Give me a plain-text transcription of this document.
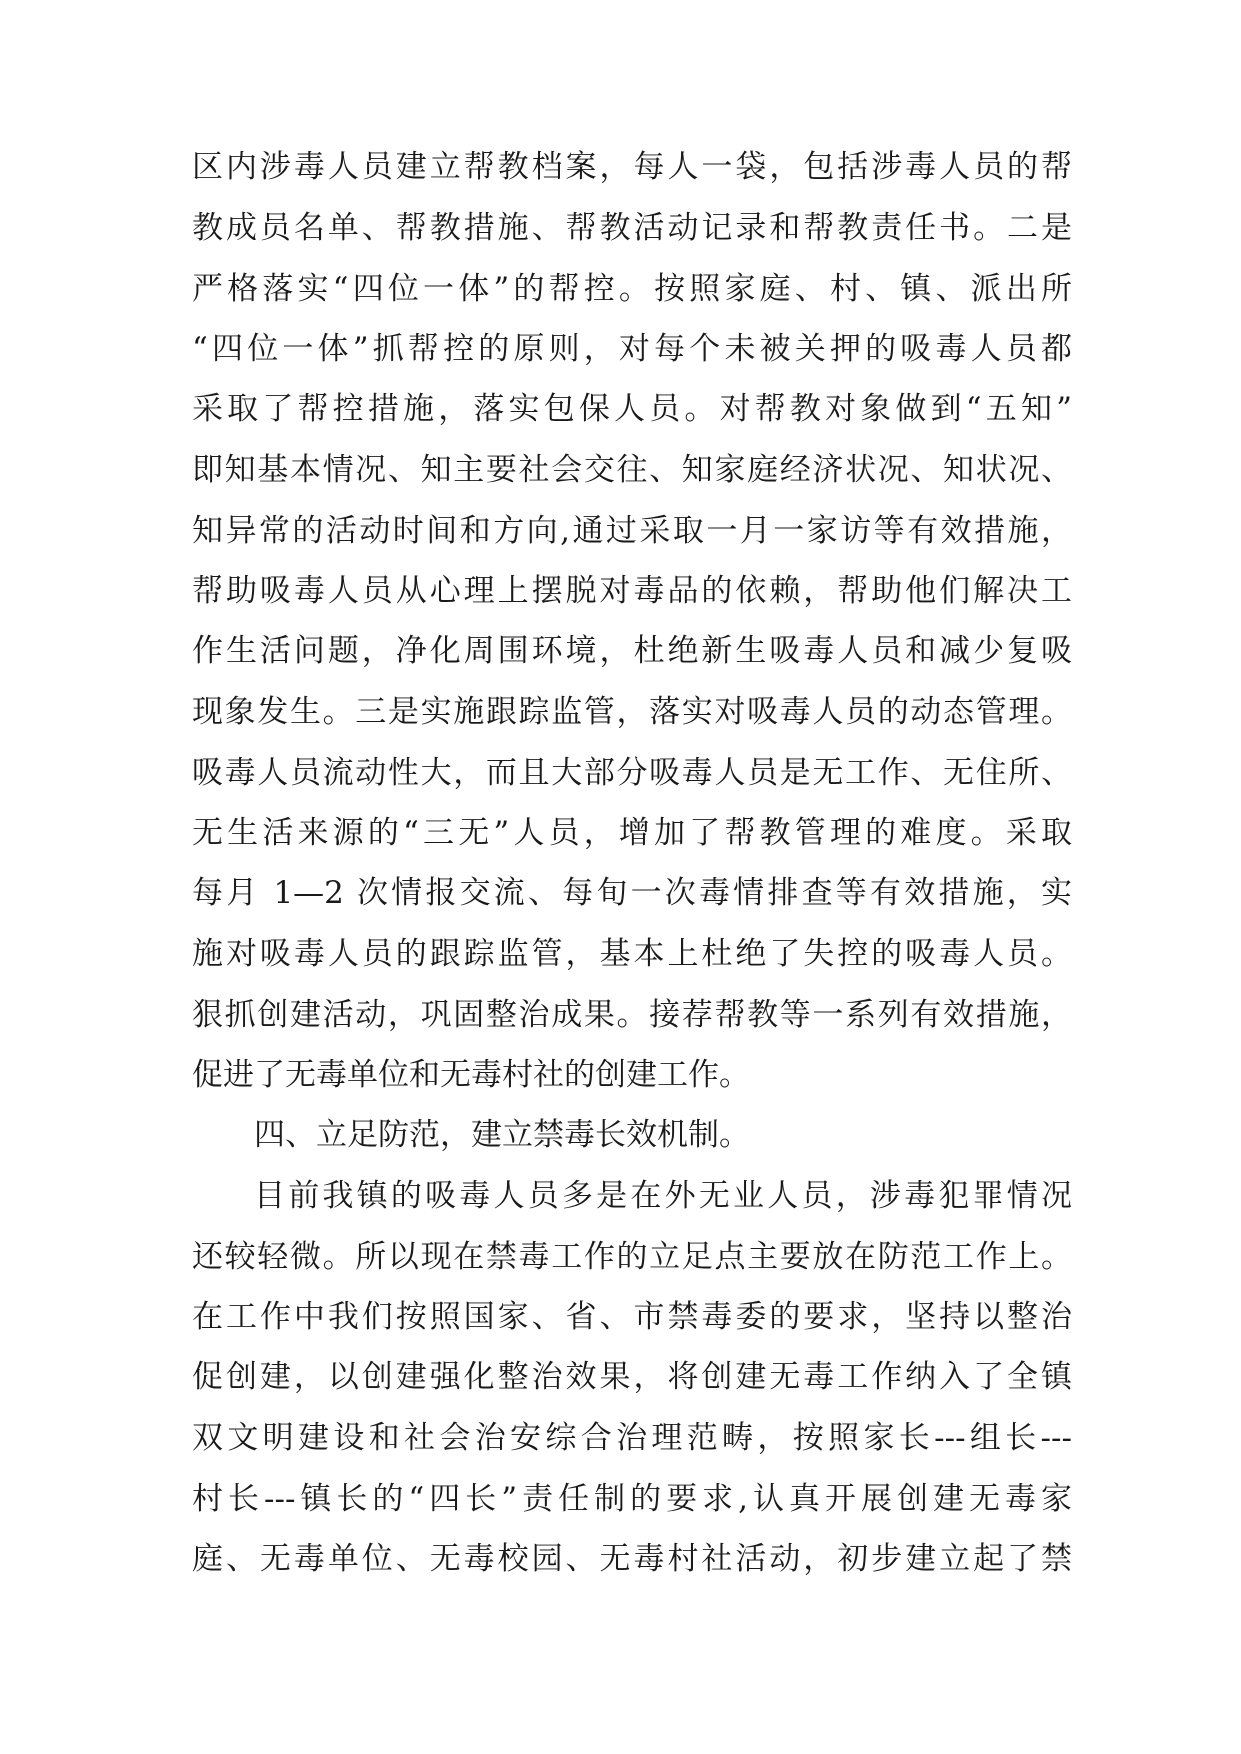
区内涉毒人员建立帮教档案，每人一袋，包括涉毒人员的帮
教成员名单、帮教措施、帮教活动记录和帮教责任书。二是
严格落实“四位一体”的帮控。按照家庭、村、镇、派出所
“四位一体”抓帮控的原则，对每个未被关押的吸毒人员都
采取了帮控措施，落实包保人员。对帮教对象做到“五知”
即知基本情况、知主要社会交往、知家庭经济状况、知状况、
知异常的活动时间和方向,通过采取一月一家访等有效措施，
帮助吸毒人员从心理上摆脱对毒品的依赖，帮助他们解决工
作生活问题，净化周围环境，杜绝新生吸毒人员和减少复吸
现象发生。三是实施跟踪监管，落实对吸毒人员的动态管理。
吸毒人员流动性大，而且大部分吸毒人员是无工作、无住所、
无生活来源的“三无”人员，增加了帮教管理的难度。采取
每月 1—2 次情报交流、每旬一次毒情排查等有效措施，实
施对吸毒人员的跟踪监管，基本上杜绝了失控的吸毒人员。
狠抓创建活动，巩固整治成果。接荐帮教等一系列有效措施，
促进了无毒单位和无毒村社的创建工作。
四、立足防范，建立禁毒长效机制。
目前我镇的吸毒人员多是在外无业人员，涉毒犯罪情况
还较轻微。所以现在禁毒工作的立足点主要放在防范工作上。
在工作中我们按照国家、省、市禁毒委的要求，坚持以整治
促创建，以创建强化整治效果，将创建无毒工作纳入了全镇
双文明建设和社会治安综合治理范畴，按照家长---组长---
村长---镇长的“四长”责任制的要求,认真开展创建无毒家
庭、无毒单位、无毒校园、无毒村社活动，初步建立起了禁
